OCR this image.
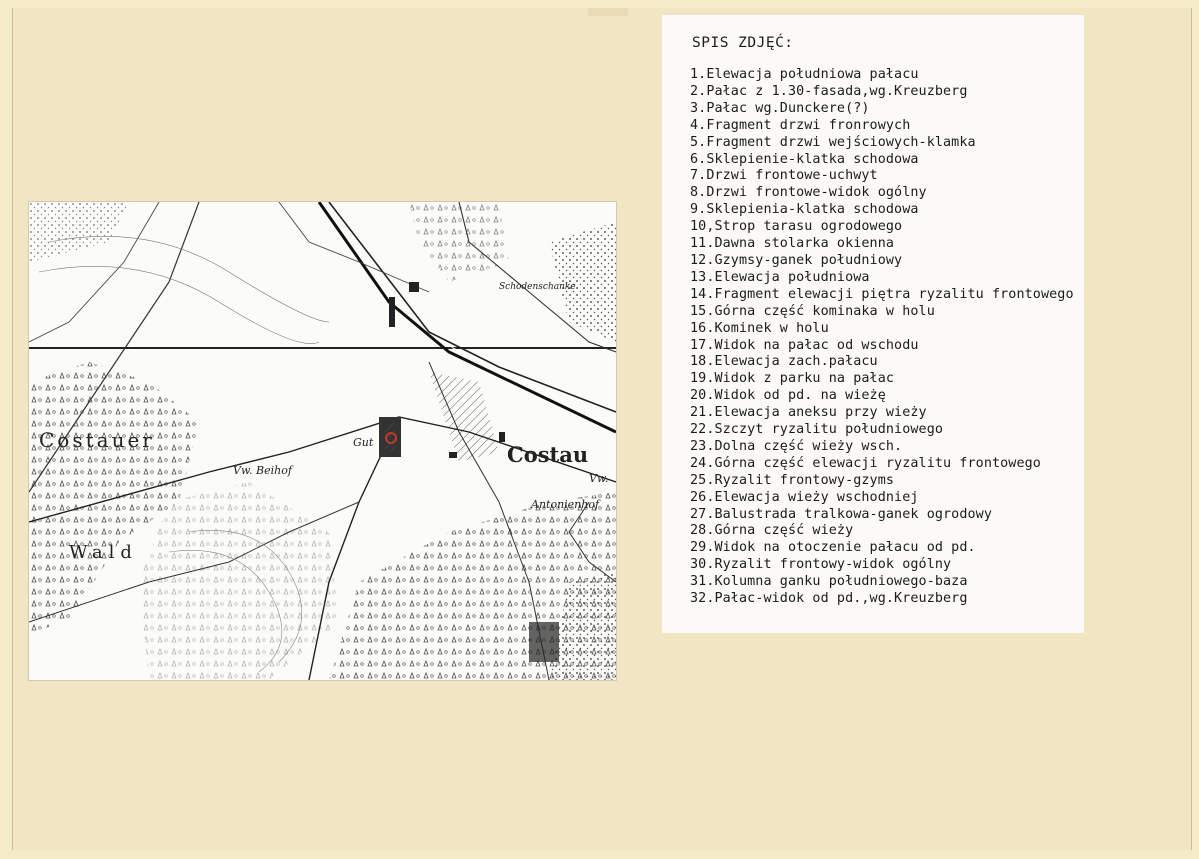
Costauer
Wald
Costau
Gut
Vw. Beihof
Vw.
Antonienhof
Schodenschanke
SPIS ZDJĘĆ:
1.Elewacja południowa pałacu
2.Pałac z 1.30-fasada,wg.Kreuzberg
3.Pałac wg.Dunckere(?)
4.Fragment drzwi fronrowych
5.Fragment drzwi wejściowych-klamka
6.Sklepienie-klatka schodowa
7.Drzwi frontowe-uchwyt
8.Drzwi frontowe-widok ogólny
9.Sklepienia-klatka schodowa
10,Strop tarasu ogrodowego
11.Dawna stolarka okienna
12.Gzymsy-ganek południowy
13.Elewacja południowa
14.Fragment elewacji piętra ryzalitu frontowego
15.Górna część kominaka w holu
16.Kominek w holu
17.Widok na pałac od wschodu
18.Elewacja zach.pałacu
19.Widok z parku na pałac
20.Widok od pd. na wieżę
21.Elewacja aneksu przy wieży
22.Szczyt ryzalitu południowego
23.Dolna część wieży wsch.
24.Górna część elewacji ryzalitu frontowego
25.Ryzalit frontowy-gzyms
26.Elewacja wieży wschodniej
27.Balustrada tralkowa-ganek ogrodowy
28.Górna część wieży
29.Widok na otoczenie pałacu od pd.
30.Ryzalit frontowy-widok ogólny
31.Kolumna ganku południowego-baza
32.Pałac-widok od pd.,wg.Kreuzberg
